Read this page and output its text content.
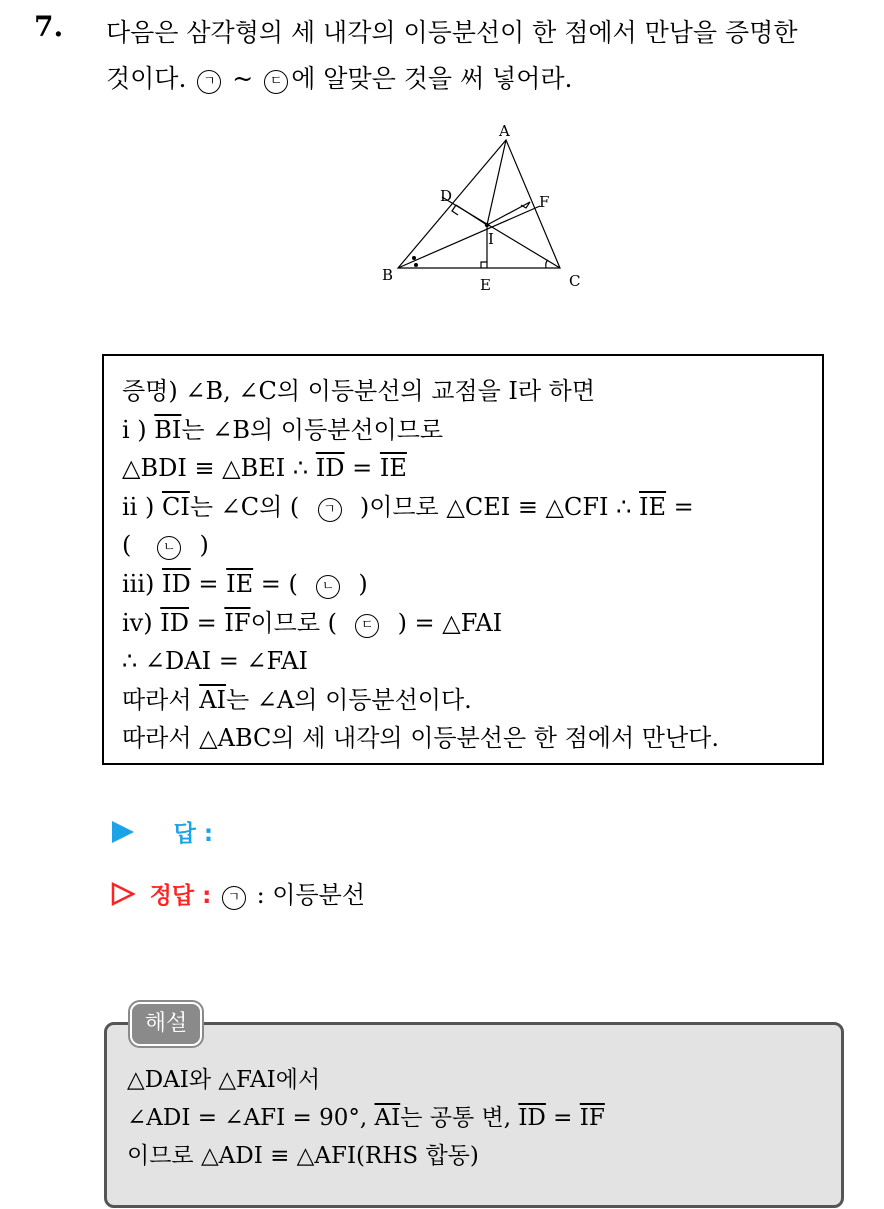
7. 다음은 삼각형의 세 내각의 이등분선이 한 점에서 만남을 증명한
것이다. ㄱ ~ ㄷ 에 알맞은 것을 써 넣어라.
A
B	C
D
E
F
I
증명) ∠B, ∠C의 이등분선의 교점을 I라 하면
i ) $\overline{BI}$는 ∠B의 이등분선이므로
△BDI ≡ △BEI ∴ $\overline{ID} = \overline{IE}$
ii ) $\overline{CI}$는 ∠C의 ( ㄱ )이므로 △CEI ≡ △CFI ∴ $\overline{IE}$ =
( ㄴ )
iii) $\overline{ID} = \overline{IE}$ = ( ㄴ )
iv) $\overline{ID} = \overline{IF}$이므로 ( ㄷ ) = △FAI
∴ ∠DAI = ∠FAI
따라서 $\overline{AI}$는 ∠A의 이등분선이다.
따라서 △ABC의 세 내각의 이등분선은 한 점에서 만난다.
답 :
정답 : ㄱ : 이등분선
△DAI와 △FAI에서
∠ADI = ∠AFI = 90°, $\overline{AI}$는 공통 변, $\overline{ID} = \overline{IF}$
이므로 △ADI ≡ △AFI(RHS 합동)
해설
